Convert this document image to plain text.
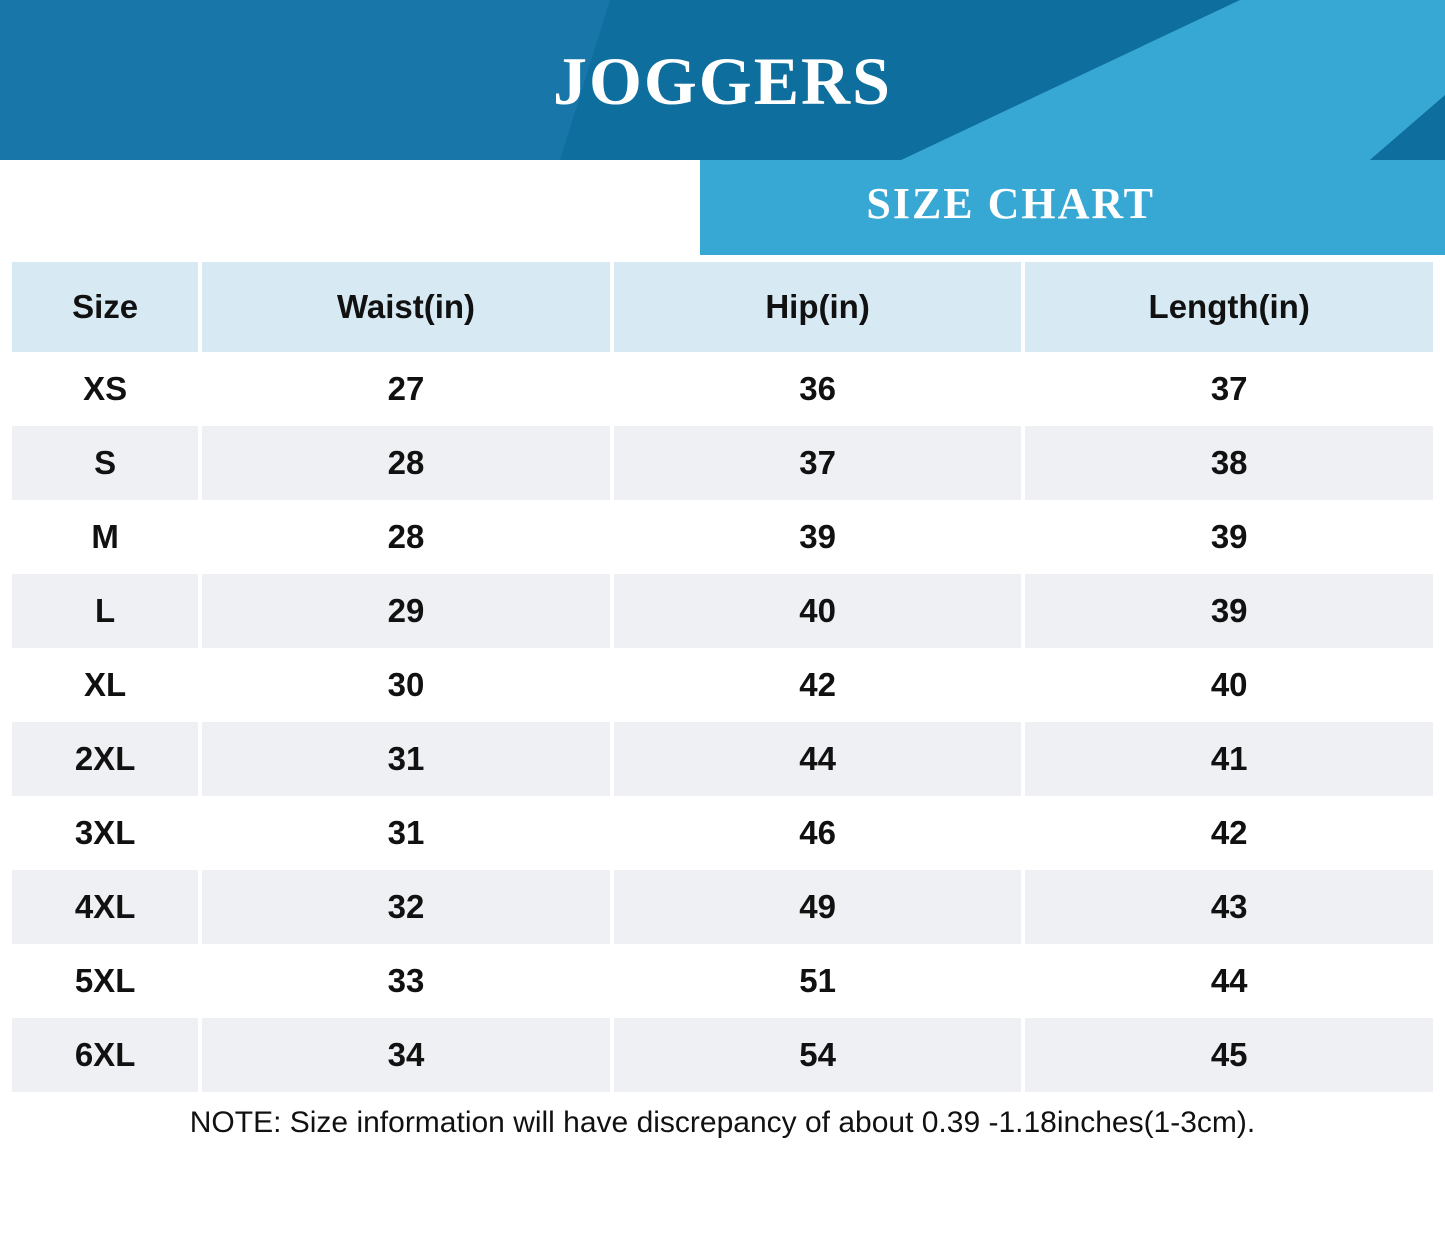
JOGGERS
SIZE CHART
Size	Waist(in)	Hip(in)	Length(in)
XS	27	36	37
S	28	37	38
M	28	39	39
L	29	40	39
XL	30	42	40
2XL	31	44	41
3XL	31	46	42
4XL	32	49	43
5XL	33	51	44
6XL	34	54	45
NOTE: Size information will have discrepancy of about 0.39 -1.18inches(1-3cm).
